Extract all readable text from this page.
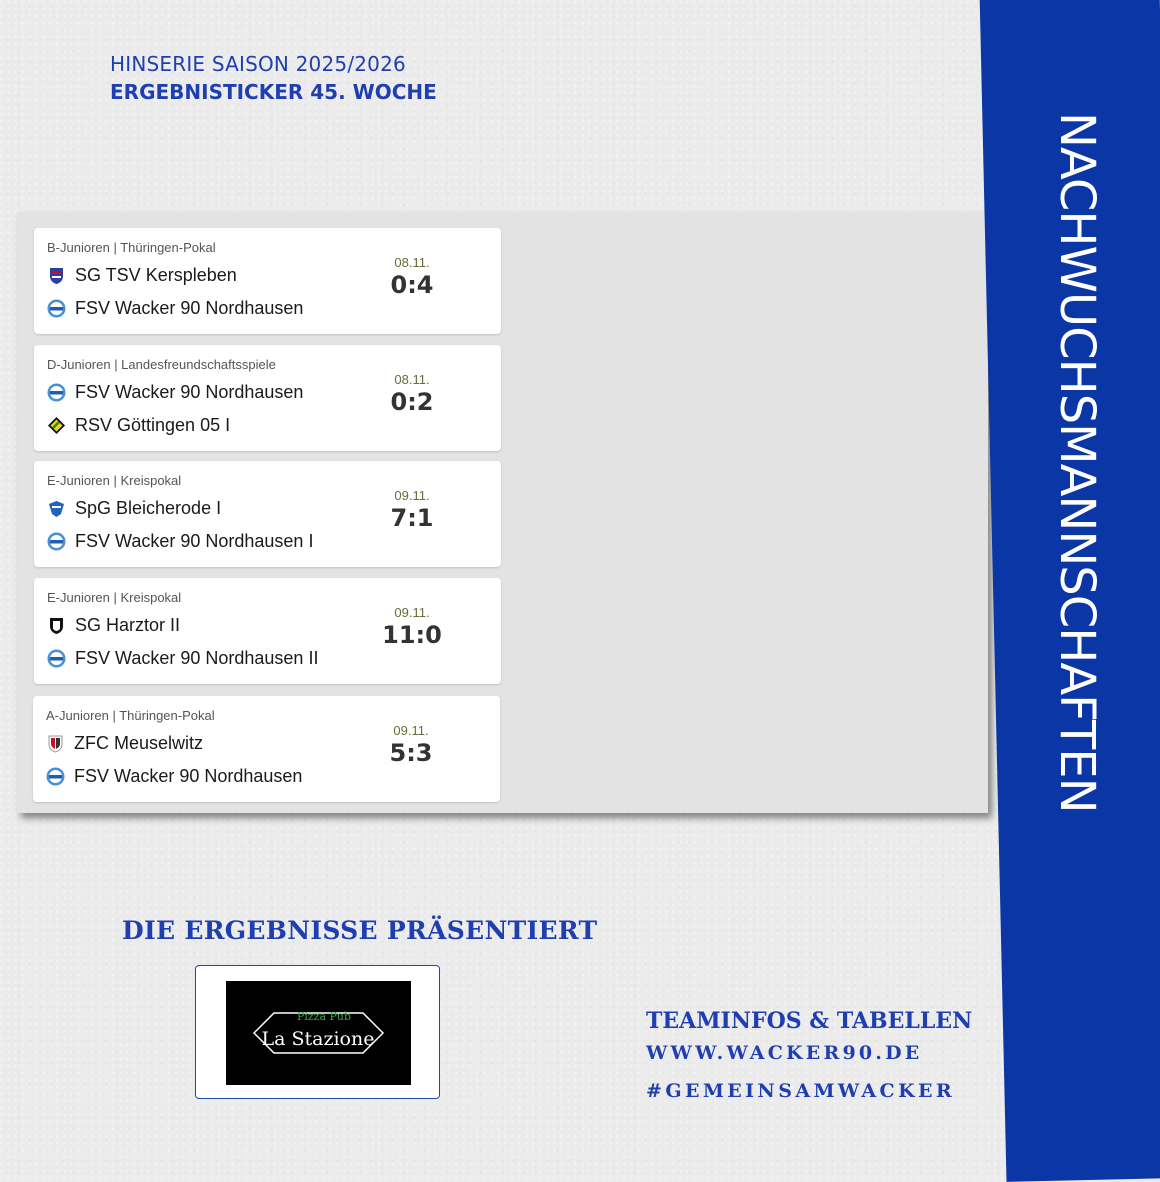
HINSERIE SAISON 2025/2026
ERGEBNISTICKER 45. WOCHE
B-Junioren | Thüringen-Pokal
SG TSV Kerspleben
FSV Wacker 90 Nordhausen
08.11.
0:4
D-Junioren | Landesfreundschaftsspiele
FSV Wacker 90 Nordhausen
RSV Göttingen 05 I
08.11.
0:2
E-Junioren | Kreispokal
SpG Bleicherode I
FSV Wacker 90 Nordhausen I
09.11.
7:1
E-Junioren | Kreispokal
SG Harztor II
FSV Wacker 90 Nordhausen II
09.11.
11:0
A-Junioren | Thüringen-Pokal
ZFC Meuselwitz
FSV Wacker 90 Nordhausen
09.11.
5:3	NACHWUCHSMANNSCHAFTEN
DIE ERGEBNISSE PRÄSENTIERT
Pizza Pub
La Stazione
TEAMINFOS & TABELLEN
WWW.WACKER90.DE
#GEMEINSAMWACKER
